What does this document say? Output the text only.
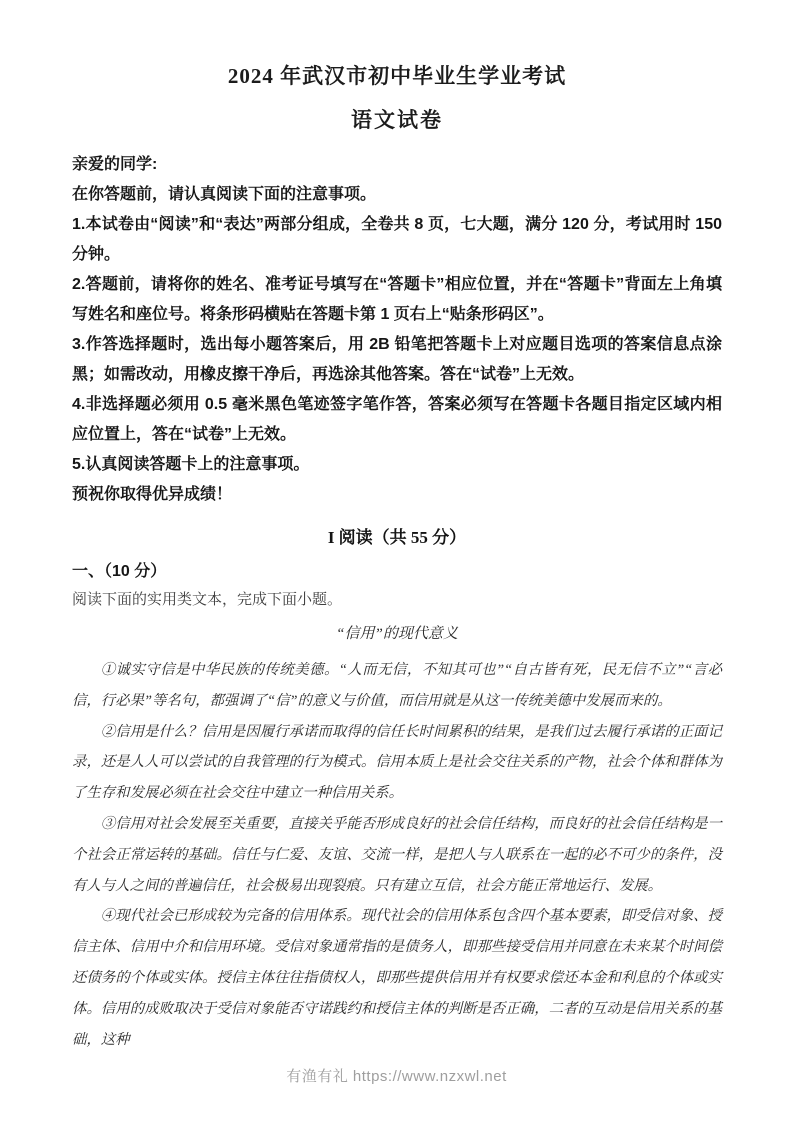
2024 年武汉市初中毕业生学业考试
语文试卷

亲爱的同学:

在你答题前，请认真阅读下面的注意事项。

1.本试卷由“阅读”和“表达”两部分组成，全卷共 8 页，七大题，满分 120 分，考试用时 150 分钟。

2.答题前，请将你的姓名、准考证号填写在“答题卡”相应位置，并在“答题卡”背面左上角填写姓名和座位号。将条形码横贴在答题卡第 1 页右上“贴条形码区”。

3.作答选择题时，选出每小题答案后，用 2B 铅笔把答题卡上对应题目选项的答案信息点涂黑；如需改动，用橡皮擦干净后，再选涂其他答案。答在“试卷”上无效。

4.非选择题必须用 0.5 毫米黑色笔迹签字笔作答，答案必须写在答题卡各题目指定区域内相应位置上，答在“试卷”上无效。

5.认真阅读答题卡上的注意事项。

预祝你取得优异成绩！

I 阅读（共 55 分）
一、（10 分）
阅读下面的实用类文本，完成下面小题。
“信用”的现代意义

①诚实守信是中华民族的传统美德。“人而无信，不知其可也”“自古皆有死，民无信不立”“言必信，行必果”等名句，都强调了“信”的意义与价值，而信用就是从这一传统美德中发展而来的。

②信用是什么？信用是因履行承诺而取得的信任长时间累积的结果，是我们过去履行承诺的正面记录，还是人人可以尝试的自我管理的行为模式。信用本质上是社会交往关系的产物，社会个体和群体为了生存和发展必须在社会交往中建立一种信用关系。

③信用对社会发展至关重要，直接关乎能否形成良好的社会信任结构，而良好的社会信任结构是一个社会正常运转的基础。信任与仁爱、友谊、交流一样，是把人与人联系在一起的必不可少的条件，没有人与人之间的普遍信任，社会极易出现裂痕。只有建立互信，社会方能正常地运行、发展。

④现代社会已形成较为完备的信用体系。现代社会的信用体系包含四个基本要素，即受信对象、授信主体、信用中介和信用环境。受信对象通常指的是债务人，即那些接受信用并同意在未来某个时间偿还债务的个体或实体。授信主体往往指债权人，即那些提供信用并有权要求偿还本金和利息的个体或实体。信用的成败取决于受信对象能否守诺践约和授信主体的判断是否正确，二者的互动是信用关系的基础，这种

有渔有礼 https://www.nzxwl.net
